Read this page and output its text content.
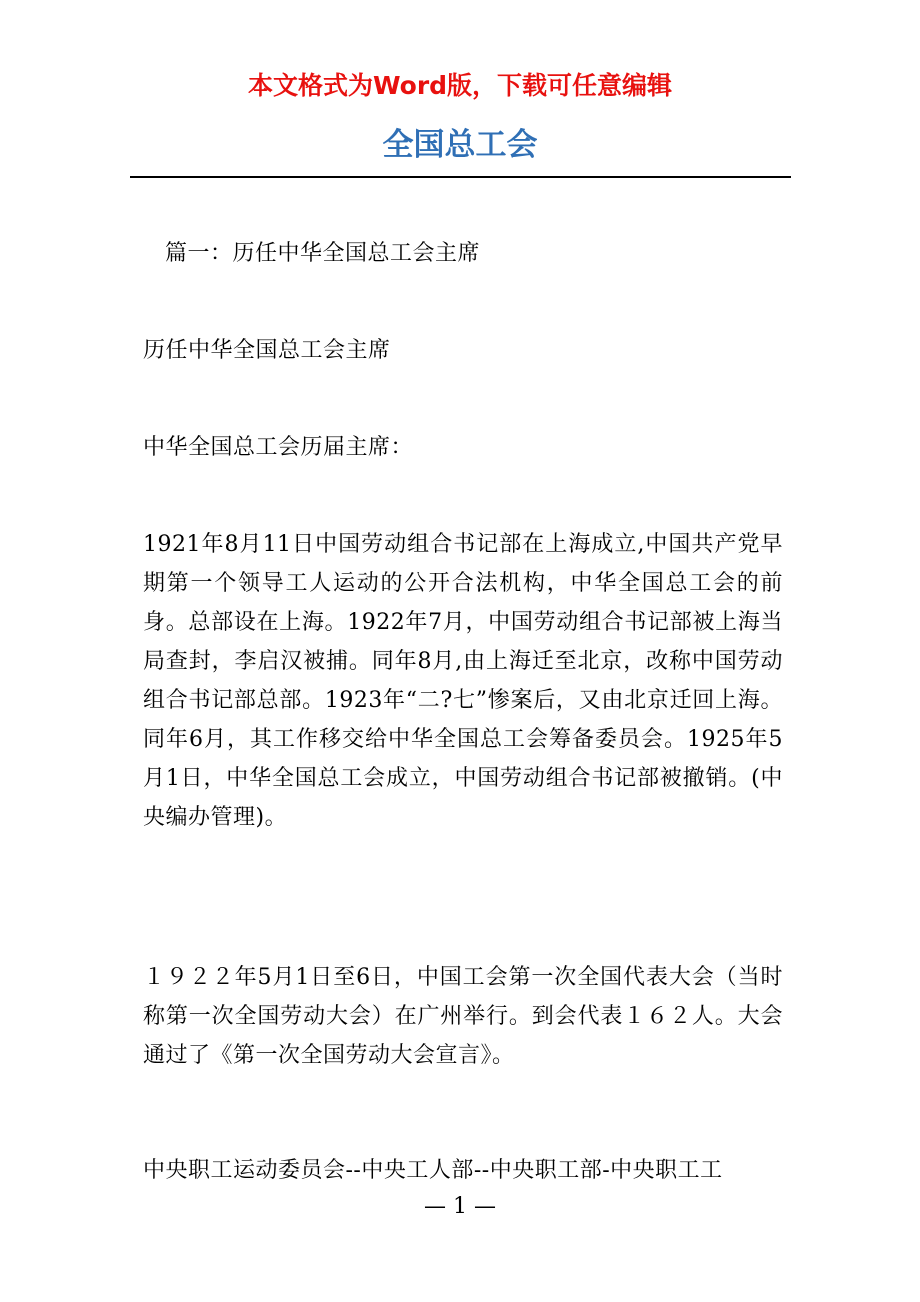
本文格式为Word版，下载可任意编辑

全国总工会

篇一：历任中华全国总工会主席

历任中华全国总工会主席

中华全国总工会历届主席：

1921年8月11日中国劳动组合书记部在上海成立,中国共产党早期第一个领导工人运动的公开合法机构，中华全国总工会的前身。总部设在上海。1922年7月，中国劳动组合书记部被上海当局查封，李启汉被捕。同年8月,由上海迁至北京，改称中国劳动组合书记部总部。1923年“二?七”惨案后，又由北京迁回上海。同年6月，其工作移交给中华全国总工会筹备委员会。1925年5月1日，中华全国总工会成立，中国劳动组合书记部被撤销。(中央编办管理)。

１９２２年5月1日至6日，中国工会第一次全国代表大会（当时称第一次全国劳动大会）在广州举行。到会代表１６２人。大会通过了《第一次全国劳动大会宣言》。

中央职工运动委员会--中央工人部--中央职工部-中央职工工

— 1 —
